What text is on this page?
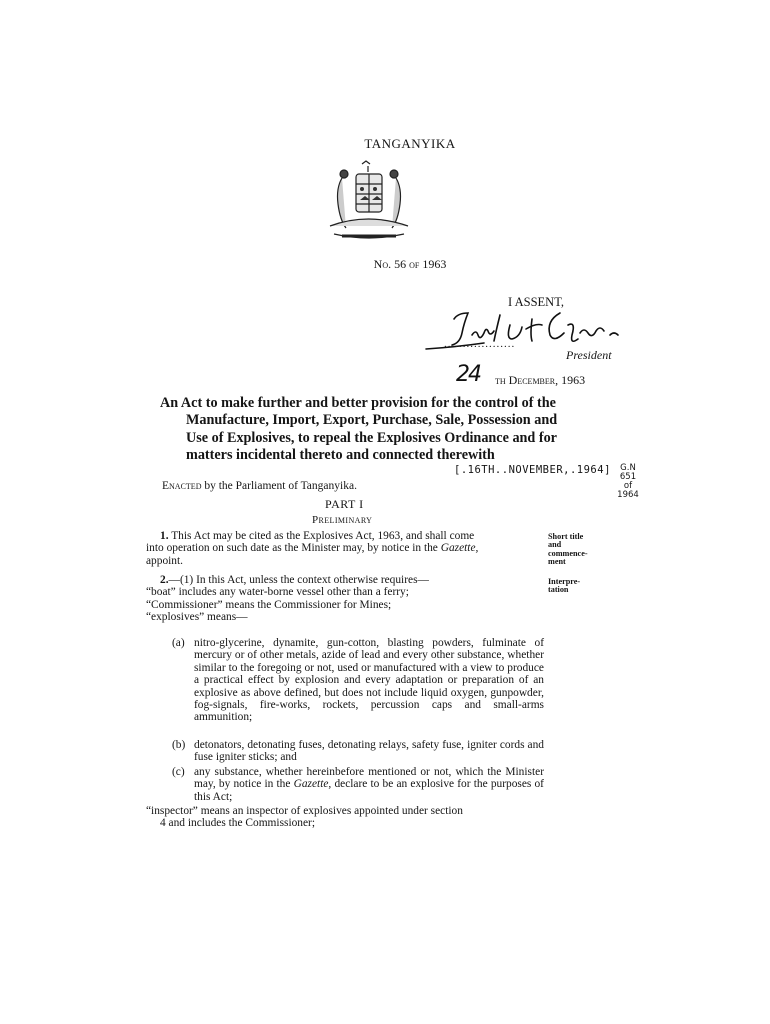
TANGANYIKA
No. 56 of 1963
I ASSENT,
...................
President
24 th December, 1963
An Act to make further and better provision for the control of the
Manufacture, Import, Export, Purchase, Sale, Possession and
Use of Explosives, to repeal the Explosives Ordinance and for
matters incidental thereto and connected therewith
[.16TH..NOVEMBER,.1964]	G.N
651
of
1964
Enacted by the Parliament of Tanganyika.
PART I
Preliminary
1. This Act may be cited as the Explosives Act, 1963, and shall come
into operation on such date as the Minister may, by notice in the Gazette,
appoint.
Short title and commence-ment
2.—(1) In this Act, unless the context otherwise requires—
“boat” includes any water-borne vessel other than a ferry;
“Commissioner” means the Commissioner for Mines;
“explosives” means—
Interpre-tation
(a) nitro-glycerine, dynamite, gun-cotton, blasting powders, fulminate of mercury or of other metals, azide of lead and every other substance, whether similar to the foregoing or not, used or manufactured with a view to produce a practical effect by explosion and every adaptation or preparation of an explosive as above defined, but does not include liquid oxygen, gunpowder, fog-signals, fire-works, rockets, percussion caps and small-arms ammunition;
(b) detonators, detonating fuses, detonating relays, safety fuse, igniter cords and fuse igniter sticks; and
(c) any substance, whether hereinbefore mentioned or not, which the Minister may, by notice in the Gazette, declare to be an explosive for the purposes of this Act;
“inspector” means an inspector of explosives appointed under section
4 and includes the Commissioner;
